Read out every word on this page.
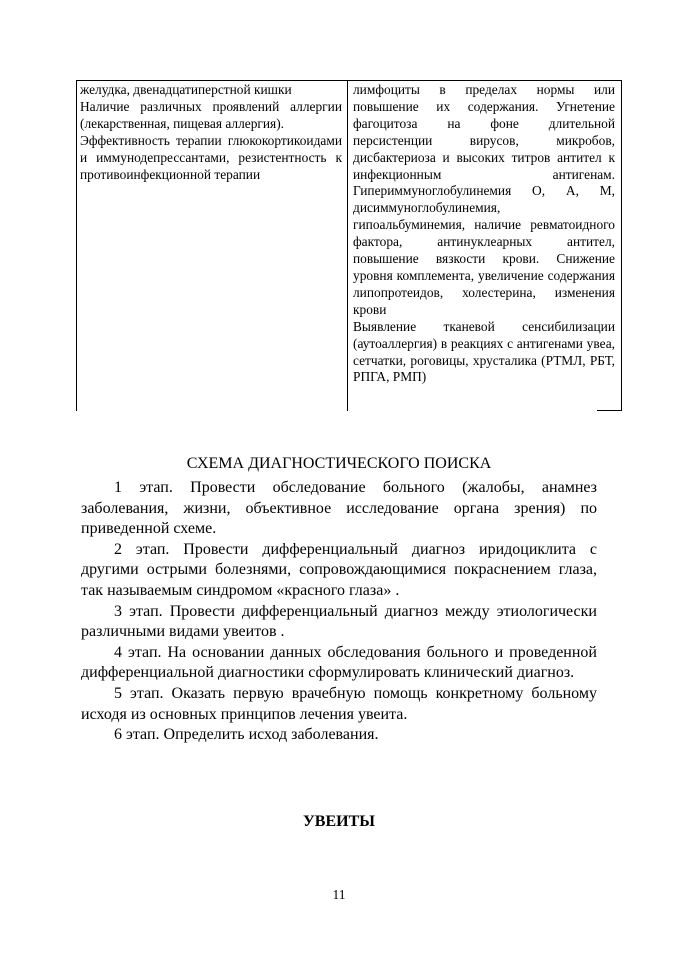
желудка, двенадцатиперстной кишки

Наличие различных проявлений аллергии (лекарственная, пищевая аллергия).

Эффективность терапии глюкокортикоидами и иммунодепрессантами, резистентность к противоинфекционной терапии

лимфоциты в пределах нормы или повышение их содержания. Угнетение фагоцитоза на фоне длительной персистенции вирусов, микробов, дисбактериоза и высоких титров антител к инфекционным антигенам. Гипериммуноглобулинемия О, А, М, дисиммуноглобулинемия, гипоальбуминемия, наличие ревматоидного фактора, антинуклеарных антител, повышение вязкости крови. Снижение уровня комплемента, увеличение содержания липопротеидов, холестерина, изменения крови

Выявление тканевой сенсибилизации (аутоаллергия) в реакциях с антигенами увеа, сетчатки, роговицы, хрусталика (РТМЛ, РБТ, РПГА, РМП)

СХЕМА ДИАГНОСТИЧЕСКОГО ПОИСКА

1 этап. Провести обследование больного (жалобы, анамнез заболевания, жизни, объективное исследование органа зрения) по приведенной схеме.

2 этап. Провести дифференциальный диагноз иридоциклита с другими острыми болезнями, сопровождающимися покраснением глаза, так называемым синдромом «красного глаза» .

3 этап. Провести дифференциальный диагноз между этиологически различными видами увеитов .

4 этап. На основании данных обследования больного и проведенной дифференциальной диагностики сформулировать клинический диагноз.

5 этап. Оказать первую врачебную помощь конкретному больному исходя из основных принципов лечения увеита.

6 этап. Определить исход заболевания.

УВЕИТЫ
11
